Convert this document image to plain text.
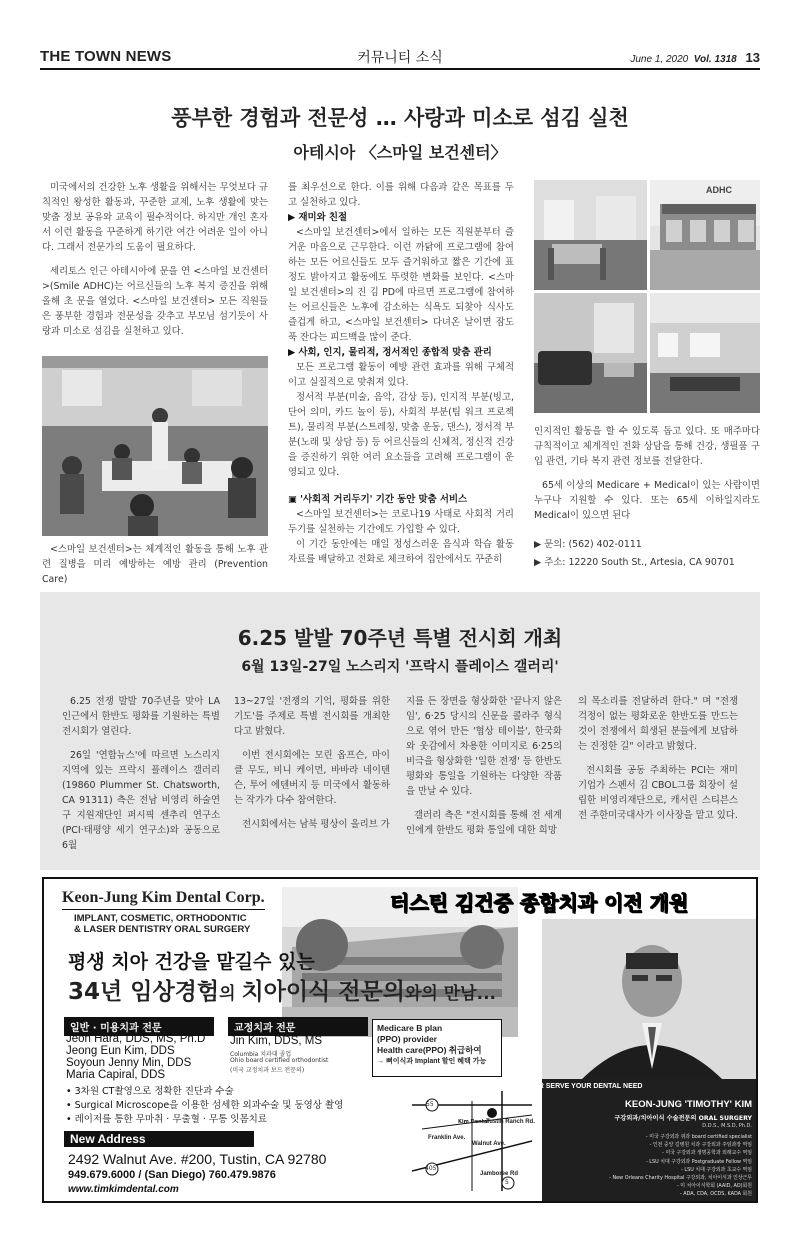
THE TOWN NEWS	커뮤니티 소식	June 1, 2020 Vol. 1318 13
풍부한 경험과 전문성 … 사랑과 미소로 섬김 실천
아테시아 〈스마일 보건센터〉

미국에서의 건강한 노후 생활을 위해서는 무엇보다 규칙적인 왕성한 활동과, 꾸준한 교제, 노후 생활에 맞는 맞춤 정보 공유와 교육이 필수적이다. 하지만 개인 혼자서 이런 활동을 꾸준하게 하기란 여간 어려운 일이 아니다. 그래서 전문가의 도움이 필요하다.

세리토스 인근 아테시아에 문을 연 <스마일 보건센터>(Smile ADHC)는 어르신들의 노후 복지 증진을 위해 올해 초 문을 열었다. <스마일 보건센터> 모든 직원들은 풍부한 경험과 전문성을 갖추고 부모님 섬기듯이 사랑과 미소로 섬김을 실천하고 있다.

<스마일 보건센터>는 체계적인 활동을 통해 노후 관련 질병을 미리 예방하는 예방 관리 (Prevention Care)

를 최우선으로 한다. 이를 위해 다음과 같은 목표를 두고 실천하고 있다.

▶ 재미와 친절

<스마일 보건센터>에서 일하는 모든 직원분부터 즐거운 마음으로 근무한다. 이런 까닭에 프로그램에 참여하는 모든 어르신들도 모두 즐거워하고 짧은 기간에 표정도 밝아지고 활동에도 뚜렷한 변화를 보인다. <스마일 보건센터>의 진 김 PD에 따르면 프로그램에 참여하는 어르신들은 노후에 감소하는 식욕도 되찾아 식사도 즐겁게 하고, <스마일 보건센터> 다녀온 날이면 잠도 푹 잔다는 피드백을 많이 준다.

▶ 사회, 인지, 물리적, 정서적인 종합적 맞춤 관리

모든 프로그램 활동이 예방 관련 효과를 위해 구체적이고 실질적으로 맞춰져 있다.

정서적 부분(미술, 음악, 감상 등), 인지적 부분(빙고, 단어 의미, 카드 놀이 등), 사회적 부분(팀 워크 프로젝트), 물리적 부분(스트레칭, 맞춤 운동, 댄스), 정서적 부분(노래 및 상담 등) 등 어르신들의 신체적, 정신적 건강을 증진하기 위한 여러 요소들을 고려해 프로그램이 운영되고 있다.

▣ '사회적 거리두기' 기간 동안 맞춤 서비스

<스마일 보건센터>는 코로나19 사태로 사회적 거리두기를 실천하는 기간에도 가입할 수 있다.

이 기간 동안에는 매일 정성스러운 음식과 학습 활동 자료를 배달하고 전화로 체크하여 집안에서도 꾸준히

ADHC

인지적인 활동을 할 수 있도록 돕고 있다. 또 매주마다 규칙적이고 체계적인 전화 상담을 통해 건강, 생필품 구입 관련, 기타 복지 관련 정보를 전달한다.

65세 이상의 Medicare + Medical이 있는 사람이면 누구나 지원할 수 있다. 또는 65세 이하일지라도 Medical이 있으면 된다

▶ 문의: (562) 402-0111
▶ 주소: 12220 South St., Artesia, CA 90701
6.25 발발 70주년 특별 전시회 개최
6월 13일-27일 노스리지 '프락시 플레이스 갤러리'

6.25 전쟁 발발 70주년을 맞아 LA 인근에서 한반도 평화를 기원하는 특별 전시회가 열린다.

26일 '연합뉴스'에 따르면 노스리지 지역에 있는 프락시 플레이스 갤러리(19860 Plummer St. Chatsworth, CA 91311) 측은 전남 비영리 하술연구 지원재단인 퍼시픽 센추리 연구소(PCI·태평양 세기 연구소)와 공동으로 6월

13~27일 '전쟁의 기억, 평화를 위한 기도'를 주제로 특별 전시회를 개최한다고 밝혔다.

이번 전시회에는 모린 옵프슨, 마이클 무도, 비니 케이먼, 바바라 네이텐슨, 투어 에텐버지 등 미국에서 활동하는 작가가 다수 참여한다.

전시회에서는 남북 평상이 올리브 가

지를 든 장면을 형상화한 '끝나지 않은 임', 6·25 당시의 신문을 콜라주 형식으로 엮어 만든 '협상 테이블', 한국화와 웃감에서 차용한 이미지로 6·25의 비극을 형상화한 '일한 전쟁' 등 한반도 평화와 통일을 기원하는 다양한 작품을 만날 수 있다.

갤러리 측은 "전시회를 통해 전 세계인에게 한반도 평화 통일에 대한 희망

의 목소리를 전달하려 한다." 며 "전쟁 걱정이 없는 평화로운 한반도를 만드는 것이 전쟁에서 희생된 분들에게 보답하는 진정한 길" 이라고 밝혔다.

전시회를 공동 주최하는 PCI는 재미 기업가 스펜서 김 CBOL그룹 회장이 설립한 비영리재단으로, 캐서린 스티븐스 전 주한미국대사가 이사장을 맡고 있다.

Keon-Jung Kim Dental Corp.
IMPLANT, COSMETIC, ORTHODONTIC
& LASER DENTISTRY ORAL SURGERY
터스틴 김건중 종합치과 이전 개원
평생 치아 건강을 맡길수 있는
34년 임상경험의 치아이식 전문의와의 만남...
일반 · 미용치과 전문
Jeon Hara, DDS, MS, Ph.D
Jeong Eun Kim, DDS
Soyoun Jenny Min, DDS
Maria Capiral, DDS
교정치과 전문
Jin Kim, DDS, MS
Columbia 치과대 졸업
Ohio board certified orthodontist
(미국 교정치과 보드 전문의)
Medicare B plan
(PPO) provider
Health care(PPO) 취급하여
→ 뼈이식과 Implant 할인 혜택 가능
• 3차원 CT촬영으로 정확한 진단과 수술
• Surgical Microscope을 이용한 섬세한 외과수술 및 동영상 촬영
• 레이저를 통한 무마취 · 무출혈 · 무통 잇몸치료
55
405
5
Kim Dental
Tustin Ranch Rd.
Franklin Ave.
Walnut Ave.
Jamboree Rd
New Address
2492 Walnut Ave. #200, Tustin, CA 92780
949.679.6000 / (San Diego) 760.479.9876
www.timkimdental.com
NEW LOCATION TO BETTER SERVE YOUR DENTAL NEED
KEON-JUNG 'TIMOTHY' KIM
구강외과/치아이식 수술전문의 ORAL SURGERY
D.D.S., M.S.D, Ph.D.
- 미국 구강외과 위과 board certified specialist
- 인천 중앙 길병원 치과 구강외과 주임과장 역임
- 미국 구강외과 생명공학과 외래교수 역임
- LSU 치대 구강외과 Postgraduate Fellow 역임
- LSU 치대 구강외과 초교수 역임
- New Orleans Charity Hospital 구강외과, 치아이식과 인상근무
- 미 치아이식학회 (AAID, AO)회원
- ADA, CDA, OCDS, KADA 회원
